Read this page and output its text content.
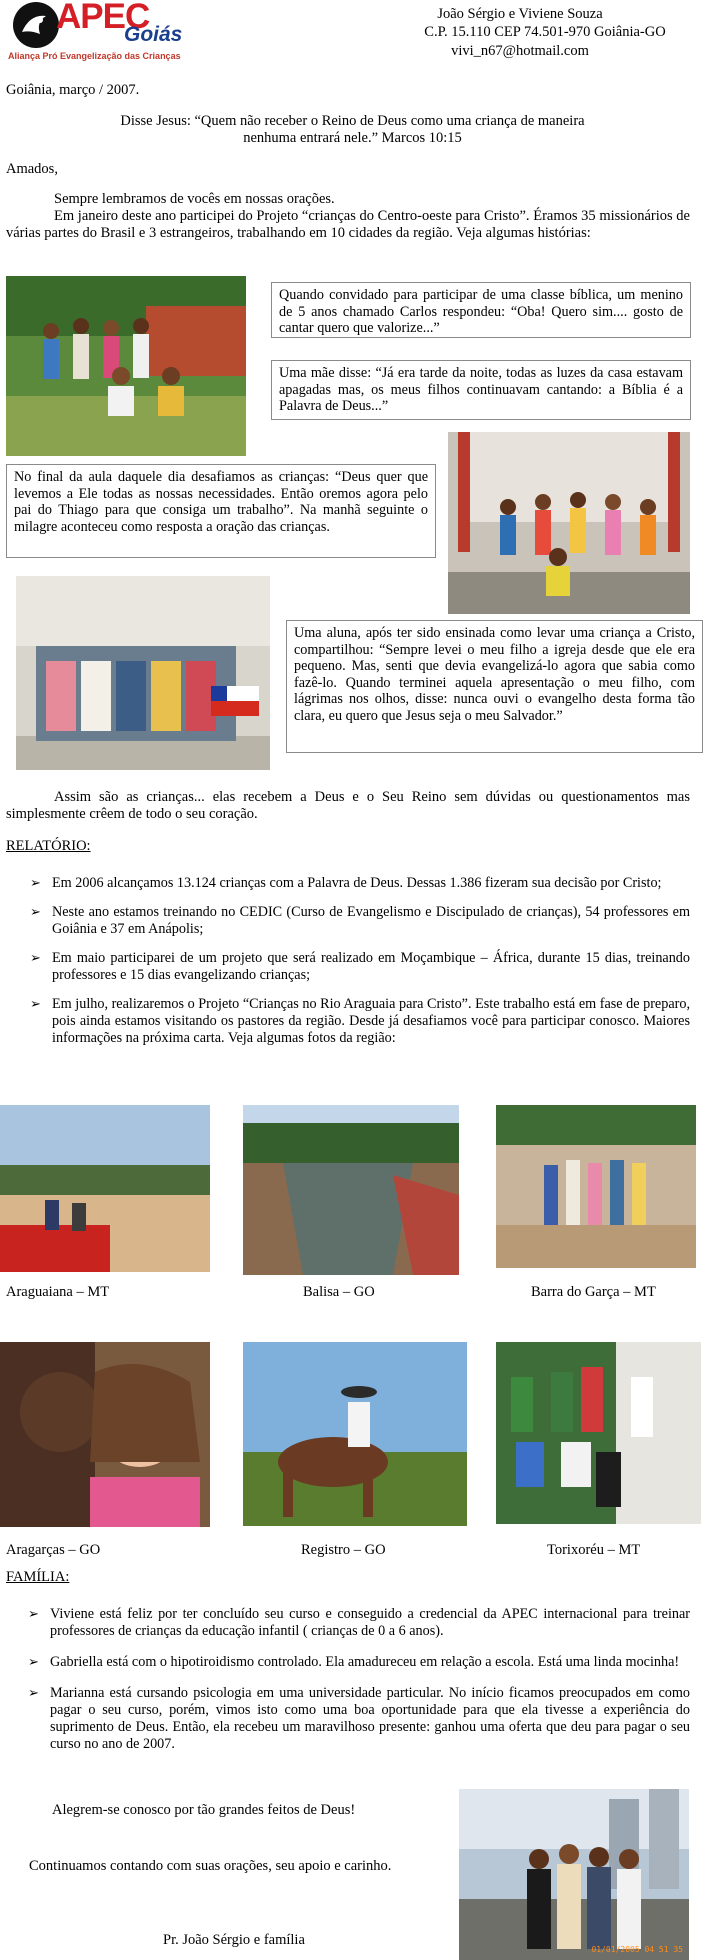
APEC
Goiás
Aliança Pró Evangelização das Crianças
João Sérgio e Viviene Souza
C.P. 15.110 CEP 74.501-970 Goiânia-GO
vivi_n67@hotmail.com
Goiânia, março / 2007.
Disse Jesus: “Quem não receber o Reino de Deus como uma criança de maneira
nenhuma entrará nele.” Marcos 10:15
Amados,
Sempre lembramos de vocês em nossas orações.
Em janeiro deste ano participei do Projeto “crianças do Centro-oeste para Cristo”. Éramos 35 missionários de várias partes do Brasil e 3 estrangeiros, trabalhando em 10 cidades da região. Veja algumas histórias:
Quando convidado para participar de uma classe bíblica, um menino de 5 anos chamado Carlos respondeu: “Oba! Quero sim.... gosto de cantar quero que valorize...”
Uma mãe disse: “Já era tarde da noite, todas as luzes da casa estavam apagadas mas, os meus filhos continuavam cantando: a Bíblia é a Palavra de Deus...”
No final da aula daquele dia desafiamos as crianças: “Deus quer que levemos a Ele todas as nossas necessidades. Então oremos agora pelo pai do Thiago para que consiga um trabalho”. Na manhã seguinte o milagre aconteceu como resposta a oração das crianças.
Uma aluna, após ter sido ensinada como levar uma criança a Cristo, compartilhou: “Sempre levei o meu filho a igreja desde que ele era pequeno. Mas, senti que devia evangelizá-lo agora que sabia como fazê-lo. Quando terminei aquela apresentação o meu filho, com lágrimas nos olhos, disse: nunca ouvi o evangelho desta forma tão clara, eu quero que Jesus seja o meu Salvador.”
Assim são as crianças... elas recebem a Deus e o Seu Reino sem dúvidas ou questionamentos mas simplesmente crêem de todo o seu coração.
RELATÓRIO:
➢ Em 2006 alcançamos 13.124 crianças com a Palavra de Deus. Dessas 1.386 fizeram sua decisão por Cristo;
➢ Neste ano estamos treinando no CEDIC (Curso de Evangelismo e Discipulado de crianças), 54 professores em Goiânia e 37 em Anápolis;
➢ Em maio participarei de um projeto que será realizado em Moçambique – África, durante 15 dias, treinando professores e 15 dias evangelizando crianças;
➢ Em julho, realizaremos o Projeto “Crianças no Rio Araguaia para Cristo”. Este trabalho está em fase de preparo, pois ainda estamos visitando os pastores da região. Desde já desafiamos você para participar conosco. Maiores informações na próxima carta. Veja algumas fotos da região:
Araguaiana – MT	Balisa – GO	Barra do Garça – MT
Aragarças – GO	Registro – GO	Torixoréu – MT
FAMÍLIA:
➢ Viviene está feliz por ter concluído seu curso e conseguido a credencial da APEC internacional para treinar professores de crianças da educação infantil ( crianças de 0 a 6 anos).
➢ Gabriella está com o hipotiroidismo controlado. Ela amadureceu em relação a escola. Está uma linda mocinha!
➢ Marianna está cursando psicologia em uma universidade particular. No início ficamos preocupados em como pagar o seu curso, porém, vimos isto como uma boa oportunidade para que ela tivesse a experiência do suprimento de Deus. Então, ela recebeu um maravilhoso presente: ganhou uma oferta que deu para pagar o seu curso no ano de 2007.
Alegrem-se conosco por tão grandes feitos de Deus!
Continuamos contando com suas orações, seu apoio e carinho.
Pr. João Sérgio e família
01/01/2005 04 51 35
